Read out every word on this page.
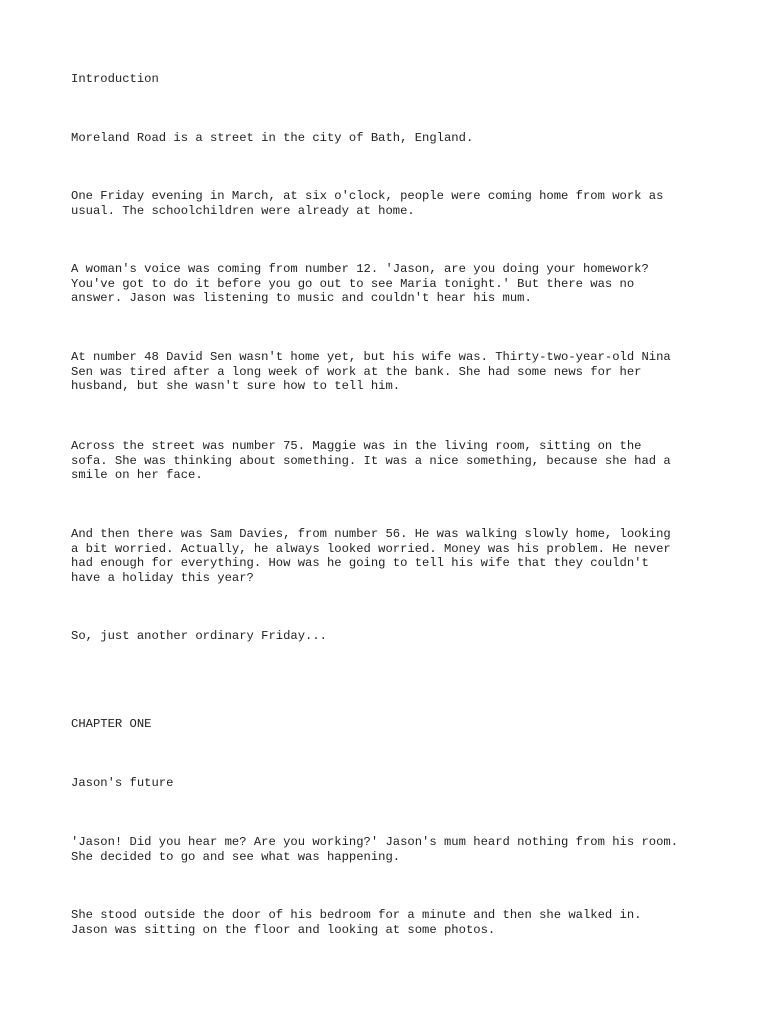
Introduction

Moreland Road is a street in the city of Bath, England.

One Friday evening in March, at six o'clock, people were coming home from work as
usual. The schoolchildren were already at home.

A woman's voice was coming from number 12. 'Jason, are you doing your homework?
You've got to do it before you go out to see Maria tonight.' But there was no
answer. Jason was listening to music and couldn't hear his mum.

At number 48 David Sen wasn't home yet, but his wife was. Thirty-two-year-old Nina
Sen was tired after a long week of work at the bank. She had some news for her
husband, but she wasn't sure how to tell him.

Across the street was number 75. Maggie was in the living room, sitting on the
sofa. She was thinking about something. It was a nice something, because she had a
smile on her face.

And then there was Sam Davies, from number 56. He was walking slowly home, looking
a bit worried. Actually, he always looked worried. Money was his problem. He never
had enough for everything. How was he going to tell his wife that they couldn't
have a holiday this year?

So, just another ordinary Friday...

CHAPTER ONE

Jason's future

'Jason! Did you hear me? Are you working?' Jason's mum heard nothing from his room.
She decided to go and see what was happening.

She stood outside the door of his bedroom for a minute and then she walked in.
Jason was sitting on the floor and looking at some photos.
